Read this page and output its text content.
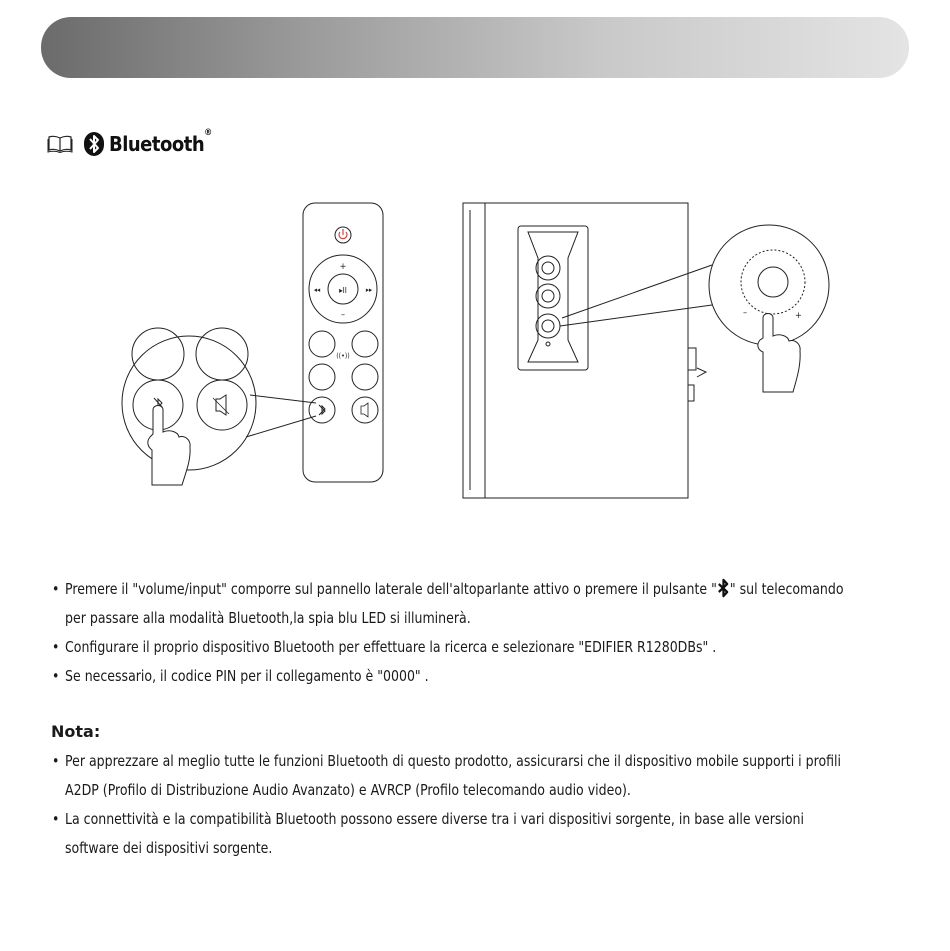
Bluetooth®
▸II
+
–
◂◂	▸▸
((•))
–	+
• Premere il "volume/input" comporre sul pannello laterale dell'altoparlante attivo o premere il pulsante " " sul telecomando
per passare alla modalità Bluetooth,la spia blu LED si illuminerà.
• Configurare il proprio dispositivo Bluetooth per effettuare la ricerca e selezionare "EDIFIER R1280DBs" .
• Se necessario, il codice PIN per il collegamento è "0000" .
Nota:
• Per apprezzare al meglio tutte le funzioni Bluetooth di questo prodotto, assicurarsi che il dispositivo mobile supporti i profili
A2DP (Profilo di Distribuzione Audio Avanzato) e AVRCP (Profilo telecomando audio video).
• La connettività e la compatibilità Bluetooth possono essere diverse tra i vari dispositivi sorgente, in base alle versioni
software dei dispositivi sorgente.
